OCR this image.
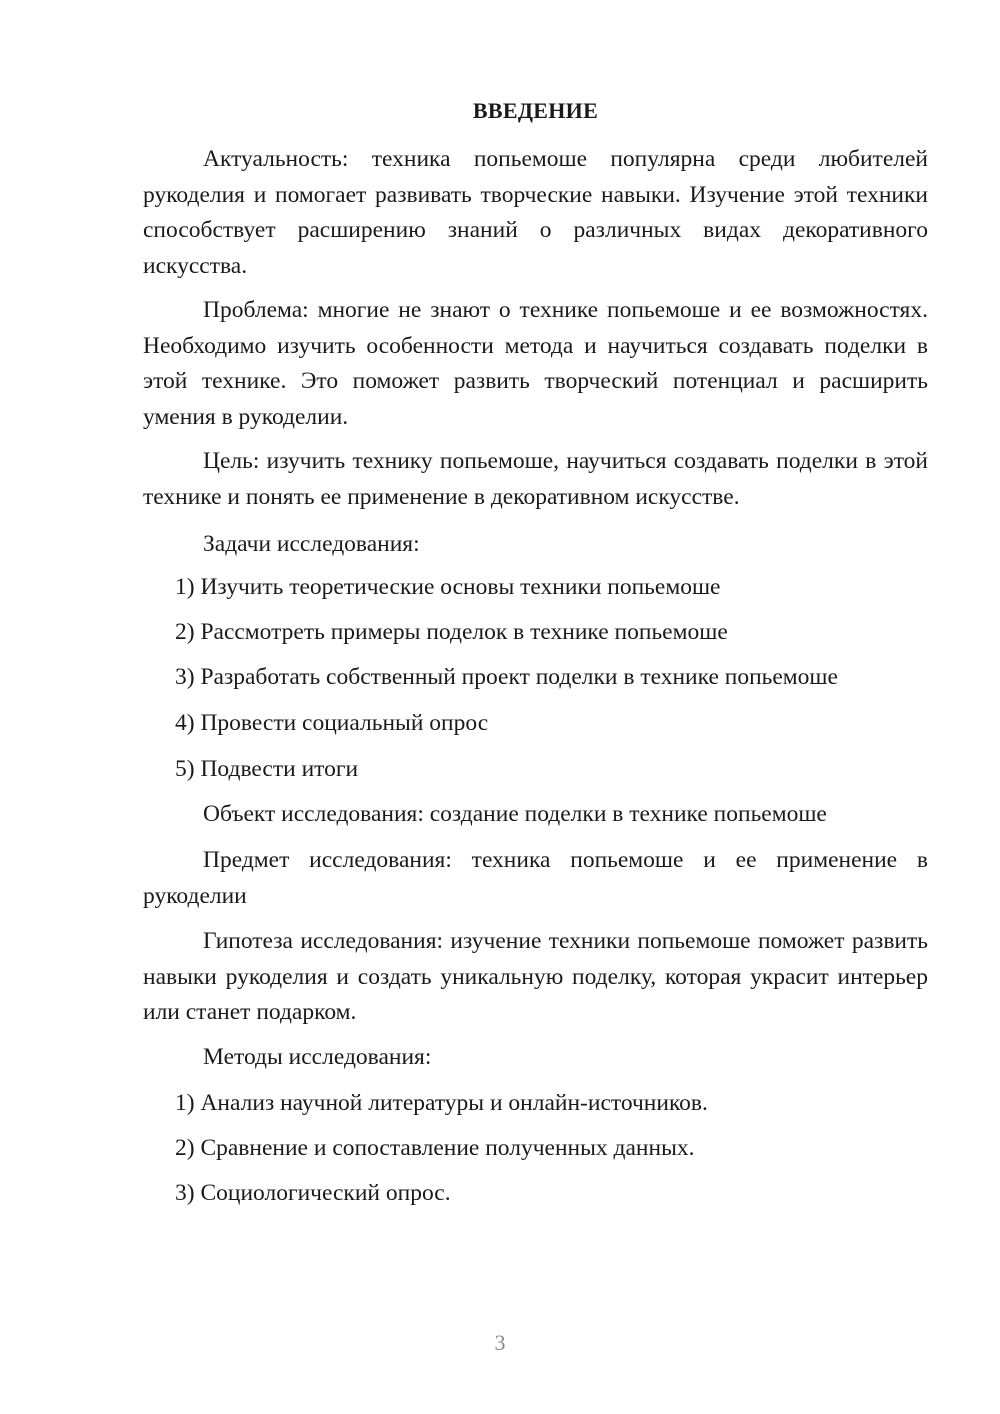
ВВЕДЕНИЕ

Актуальность: техника попьемоше популярна среди любителей рукоделия и помогает развивать творческие навыки. Изучение этой техники способствует расширению знаний о различных видах декоративного искусства.

Проблема: многие не знают о технике попьемоше и ее возможностях. Необходимо изучить особенности метода и научиться создавать поделки в этой технике. Это поможет развить творческий потенциал и расширить умения в рукоделии.

Цель: изучить технику попьемоше, научиться создавать поделки в этой технике и понять ее применение в декоративном искусстве.

Задачи исследования:
1) Изучить теоретические основы техники попьемоше
2) Рассмотреть примеры поделок в технике попьемоше
3) Разработать собственный проект поделки в технике попьемоше
4) Провести социальный опрос
5) Подвести итоги
Объект исследования: создание поделки в технике попьемоше

Предмет исследования: техника попьемоше и ее применение в рукоделии

Гипотеза исследования: изучение техники попьемоше поможет развить навыки рукоделия и создать уникальную поделку, которая украсит интерьер или станет подарком.

Методы исследования:
1) Анализ научной литературы и онлайн-источников.
2) Сравнение и сопоставление полученных данных.
3) Социологический опрос.
3
